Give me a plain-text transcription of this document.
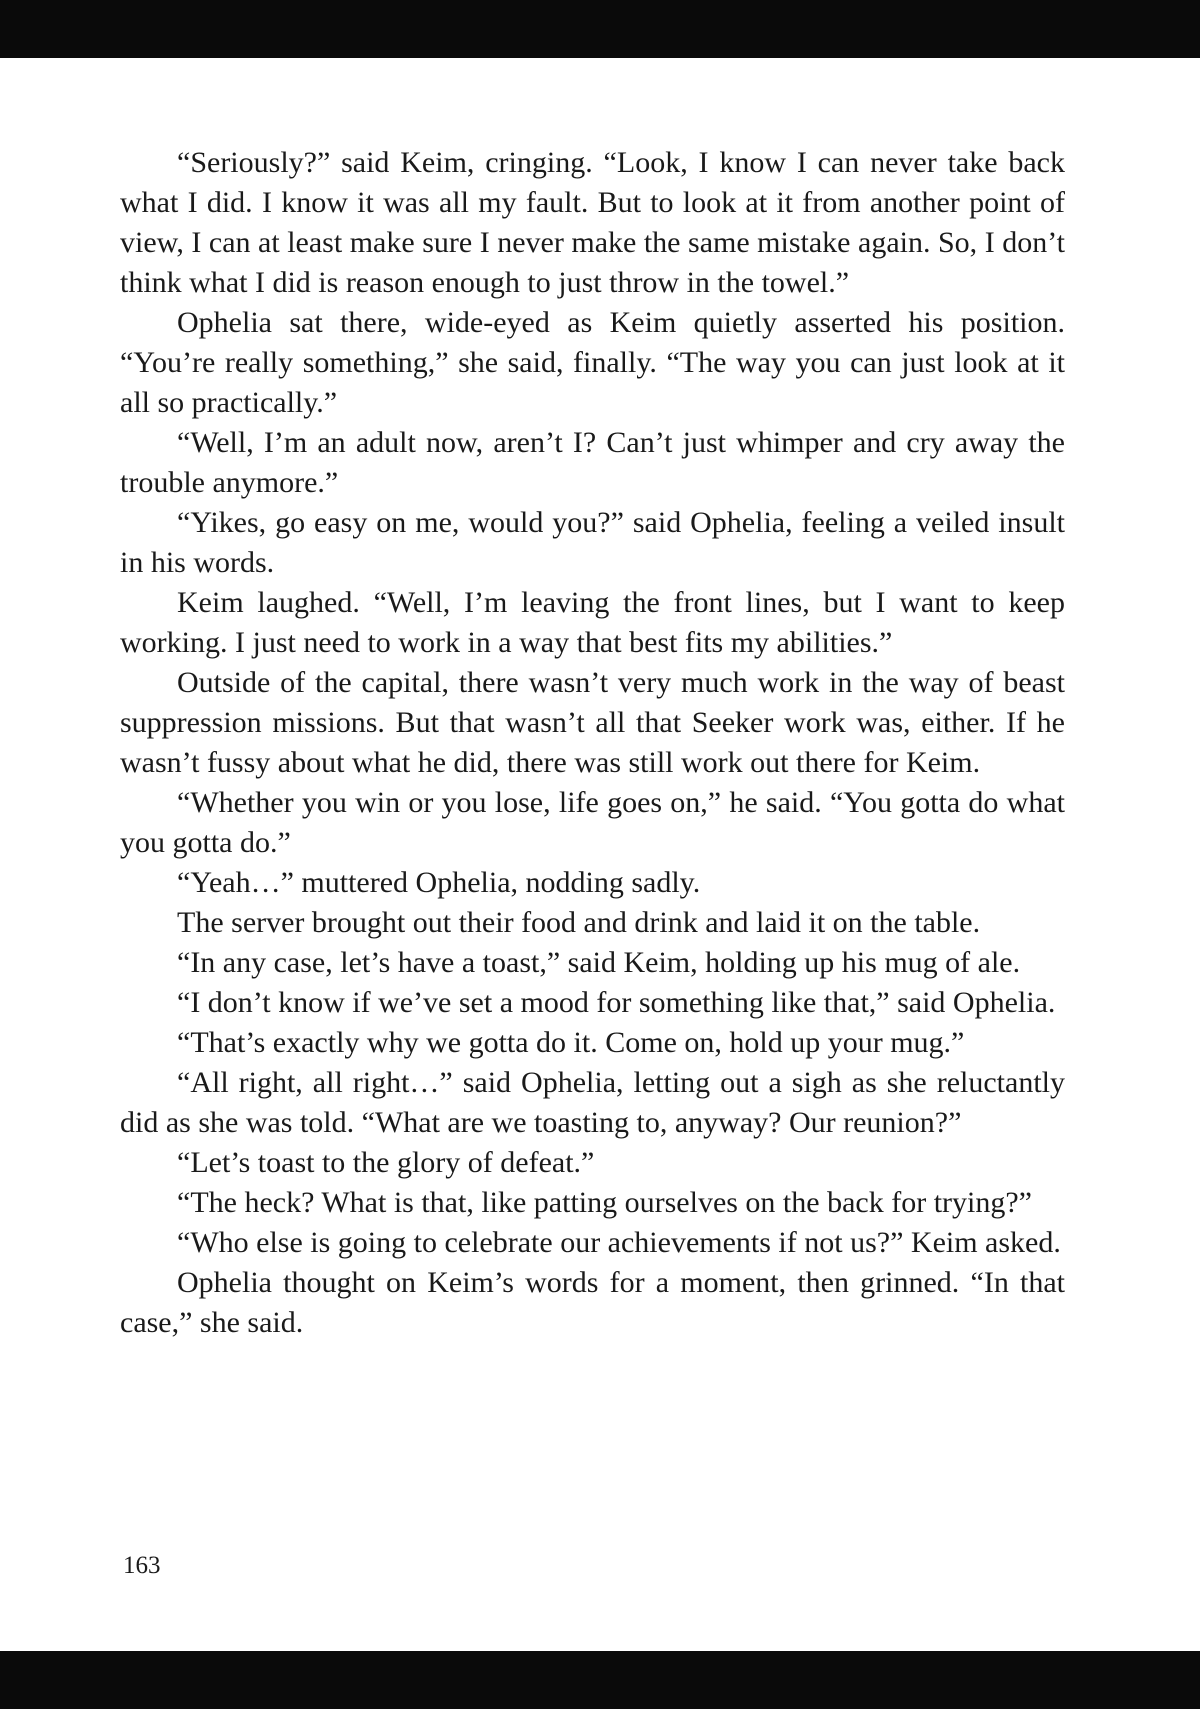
“Seriously?” said Keim, cringing. “Look, I know I can never take back what I did. I know it was all my fault. But to look at it from another point of view, I can at least make sure I never make the same mistake again. So, I don’t think what I did is reason enough to just throw in the towel.”

Ophelia sat there, wide-eyed as Keim quietly asserted his position. “You’re really something,” she said, finally. “The way you can just look at it all so practically.”

“Well, I’m an adult now, aren’t I? Can’t just whimper and cry away the trouble anymore.”

“Yikes, go easy on me, would you?” said Ophelia, feeling a veiled insult in his words.

Keim laughed. “Well, I’m leaving the front lines, but I want to keep working. I just need to work in a way that best fits my abilities.”

Outside of the capital, there wasn’t very much work in the way of beast suppression missions. But that wasn’t all that Seeker work was, either. If he wasn’t fussy about what he did, there was still work out there for Keim.

“Whether you win or you lose, life goes on,” he said. “You gotta do what you gotta do.”

“Yeah…” muttered Ophelia, nodding sadly.

The server brought out their food and drink and laid it on the table.

“In any case, let’s have a toast,” said Keim, holding up his mug of ale.

“I don’t know if we’ve set a mood for something like that,” said Ophelia.

“That’s exactly why we gotta do it. Come on, hold up your mug.”

“All right, all right…” said Ophelia, letting out a sigh as she reluctantly did as she was told. “What are we toasting to, anyway? Our reunion?”

“Let’s toast to the glory of defeat.”

“The heck? What is that, like patting ourselves on the back for trying?”

“Who else is going to celebrate our achievements if not us?” Keim asked.

Ophelia thought on Keim’s words for a moment, then grinned. “In that case,” she said.

163
